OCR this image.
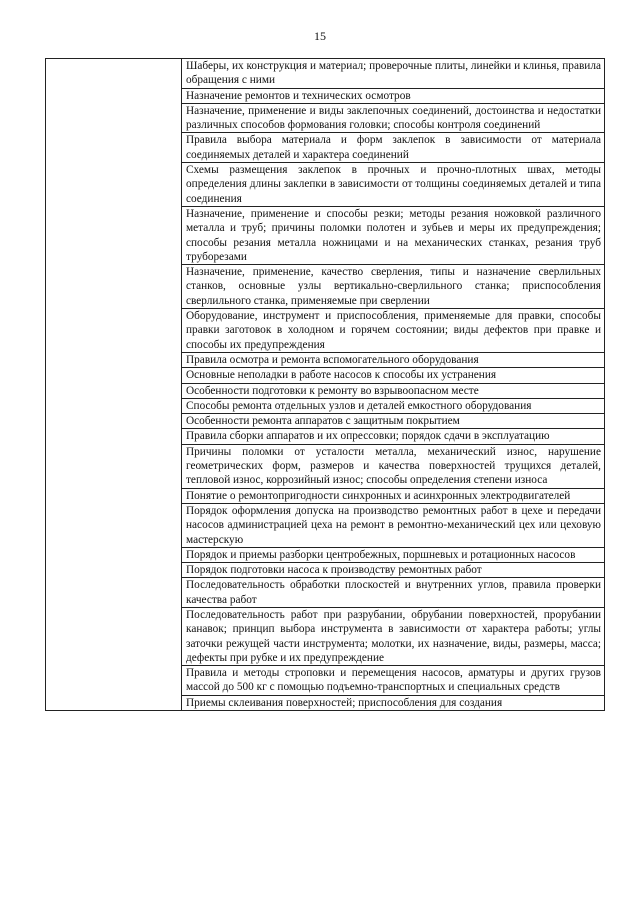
15
	Шаберы, их конструкция и материал; проверочные плиты, линейки и клинья, правила обращения с ними
Назначение ремонтов и технических осмотров
Назначение, применение и виды заклепочных соединений, достоинства и недостатки различных способов формования головки; способы контроля соединений
Правила выбора материала и форм заклепок в зависимости от материала соединяемых деталей и характера соединений
Схемы размещения заклепок в прочных и прочно-плотных швах, методы определения длины заклепки в зависимости от толщины соединяемых деталей и типа соединения
Назначение, применение и способы резки; методы резания ножовкой различного металла и труб; причины поломки полотен и зубьев и меры их предупреждения; способы резания металла ножницами и на механических станках, резания труб труборезами
Назначение, применение, качество сверления, типы и назначение сверлильных станков, основные узлы вертикально-сверлильного станка; приспособления сверлильного станка, применяемые при сверлении
Оборудование, инструмент и приспособления, применяемые для правки, способы правки заготовок в холодном и горячем состоянии; виды дефектов при правке и способы их предупреждения
Правила осмотра и ремонта вспомогательного оборудования
Основные неполадки в работе насосов к способы их устранения
Особенности подготовки к ремонту во взрывоопасном месте
Способы ремонта отдельных узлов и деталей емкостного оборудования
Особенности ремонта аппаратов с защитным покрытием
Правила сборки аппаратов и их опрессовки; порядок сдачи в эксплуатацию
Причины поломки от усталости металла, механический износ, нарушение геометрических форм, размеров и качества поверхностей трущихся деталей, тепловой износ, коррозийный износ; способы определения степени износа
Понятие о ремонтопригодности синхронных и асинхронных электродвигателей
Порядок оформления допуска на производство ремонтных работ в цехе и передачи насосов администрацией цеха на ремонт в ремонтно-механический цех или цеховую мастерскую
Порядок и приемы разборки центробежных, поршневых и ротационных насосов
Порядок подготовки насоса к производству ремонтных работ
Последовательность обработки плоскостей и внутренних углов, правила проверки качества работ
Последовательность работ при разрубании, обрубании поверхностей, прорубании канавок; принцип выбора инструмента в зависимости от характера работы; углы заточки режущей части инструмента; молотки, их назначение, виды, размеры, масса; дефекты при рубке и их предупреждение
Правила и методы строповки и перемещения насосов, арматуры и других грузов массой до 500 кг с помощью подъемно-транспортных и специальных средств
Приемы склеивания поверхностей; приспособления для создания
